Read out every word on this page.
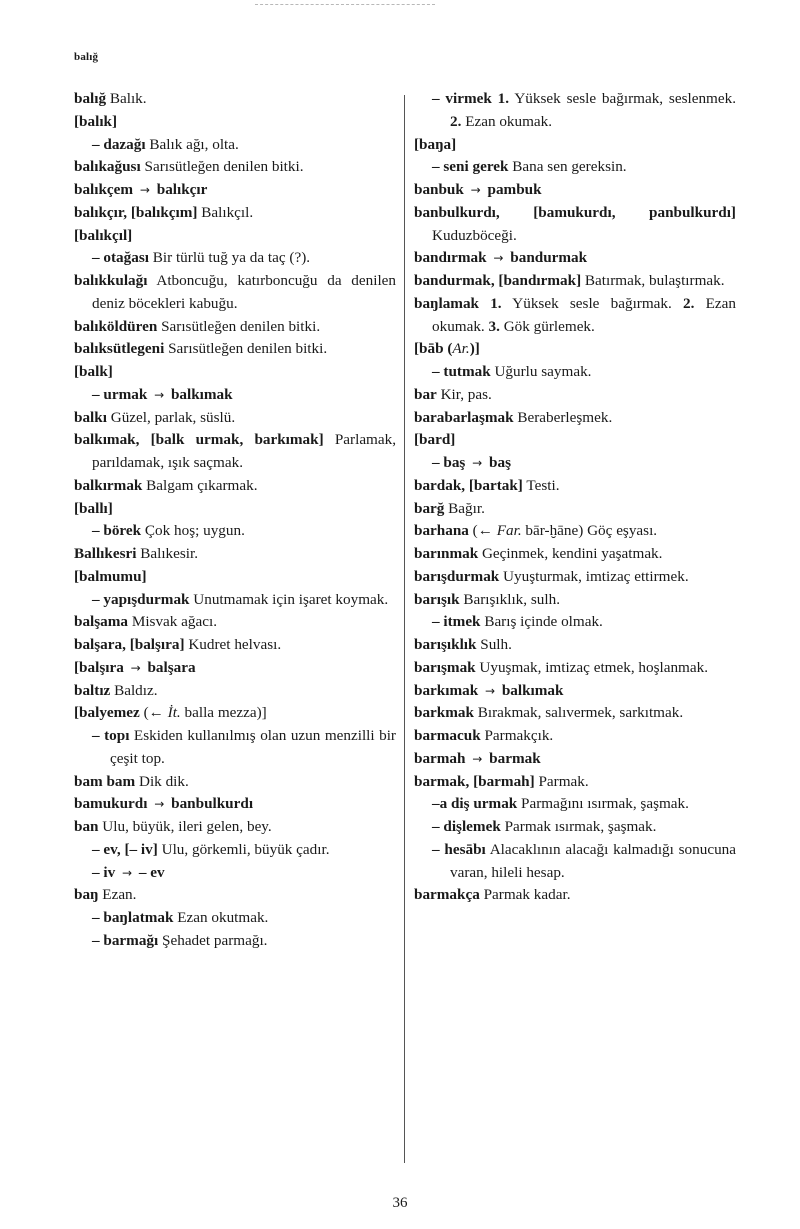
balığ

balığ Balık.

[balık]

– dazağı Balık ağı, olta.

balıkağusı Sarısütleğen denilen bitki.

balıkçem → balıkçır

balıkçır, [balıkçım] Balıkçıl.

[balıkçıl]

– otağası Bir türlü tuğ ya da taç (?).

balıkkulağı Atboncuğu, katırboncuğu da denilen deniz böcekleri kabuğu.

balıköldüren Sarısütleğen denilen bitki.

balıksütlegeni Sarısütleğen denilen bitki.

[balk]

– urmak → balkımak

balkı Güzel, parlak, süslü.

balkımak, [balk urmak, barkımak] Parlamak, parıldamak, ışık saçmak.

balkırmak Balgam çıkarmak.

[ballı]

– börek Çok hoş; uygun.

Ballıkesri Balıkesir.

[balmumu]

– yapışdurmak Unutmamak için işaret koymak.

balşama Misvak ağacı.

balşara, [balşıra] Kudret helvası.

[balşıra → balşara

baltız Baldız.

[balyemez (← İt. balla mezza)]

– topı Eskiden kullanılmış olan uzun menzilli bir çeşit top.

bam bam Dik dik.

bamukurdı → banbulkurdı

ban Ulu, büyük, ileri gelen, bey.

– ev, [– iv] Ulu, görkemli, büyük çadır.

– iv → – ev

baŋ Ezan.

– baŋlatmak Ezan okutmak.

– barmağı Şehadet parmağı.

– virmek 1. Yüksek sesle bağırmak, seslenmek. 2. Ezan okumak.

[baŋa]

– seni gerek Bana sen gereksin.

banbuk → pambuk

banbulkurdı, [bamukurdı, panbulkurdı] Kuduzböceği.

bandırmak → bandurmak

bandurmak, [bandırmak] Batırmak, bulaştırmak.

baŋlamak 1. Yüksek sesle bağırmak. 2. Ezan okumak. 3. Gök gürlemek.

[bāb (Ar.)]

– tutmak Uğurlu saymak.

bar Kir, pas.

barabarlaşmak Beraberleşmek.

[bard]

– baş → baş

bardak, [bartak] Testi.

barğ Bağır.

barhana (← Far. bār-ḫāne) Göç eşyası.

barınmak Geçinmek, kendini yaşatmak.

barışdurmak Uyuşturmak, imtizaç ettirmek.

barışık Barışıklık, sulh.

– itmek Barış içinde olmak.

barışıklık Sulh.

barışmak Uyuşmak, imtizaç etmek, hoşlanmak.

barkımak → balkımak

barkmak Bırakmak, salıvermek, sarkıtmak.

barmacuk Parmakçık.

barmah → barmak

barmak, [barmah] Parmak.

–a diş urmak Parmağını ısırmak, şaşmak.

– dişlemek Parmak ısırmak, şaşmak.

– hesābı Alacaklının alacağı kalmadığı sonucuna varan, hileli hesap.

barmakça Parmak kadar.

36
